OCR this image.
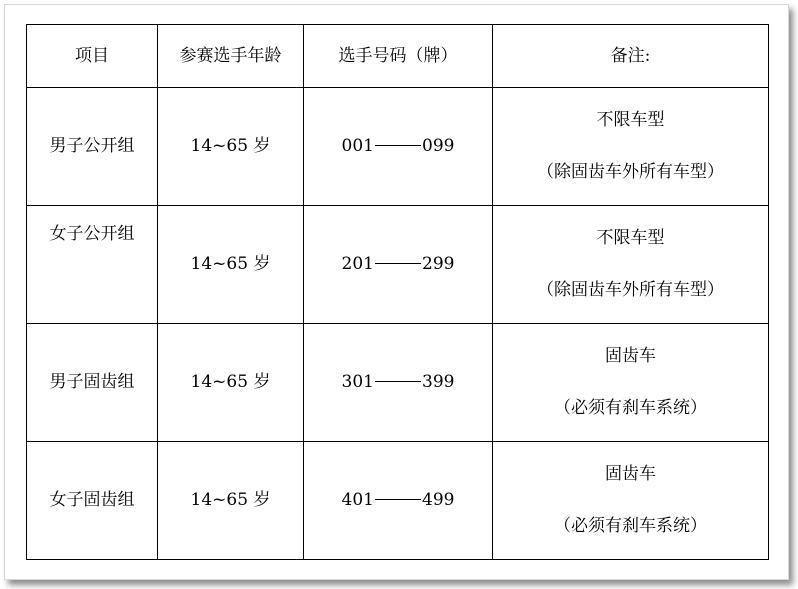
项目	参赛选手年龄	选手号码（牌）	备注:
男子公开组	14~65 岁	001 099	不限车型
（除固齿车外所有车型）

女子公开组	14~65 岁	201 299	不限车型
（除固齿车外所有车型）

男子固齿组	14~65 岁	301 399	固齿车
（必须有刹车系统）

女子固齿组	14~65 岁	401 499	固齿车
（必须有刹车系统）
